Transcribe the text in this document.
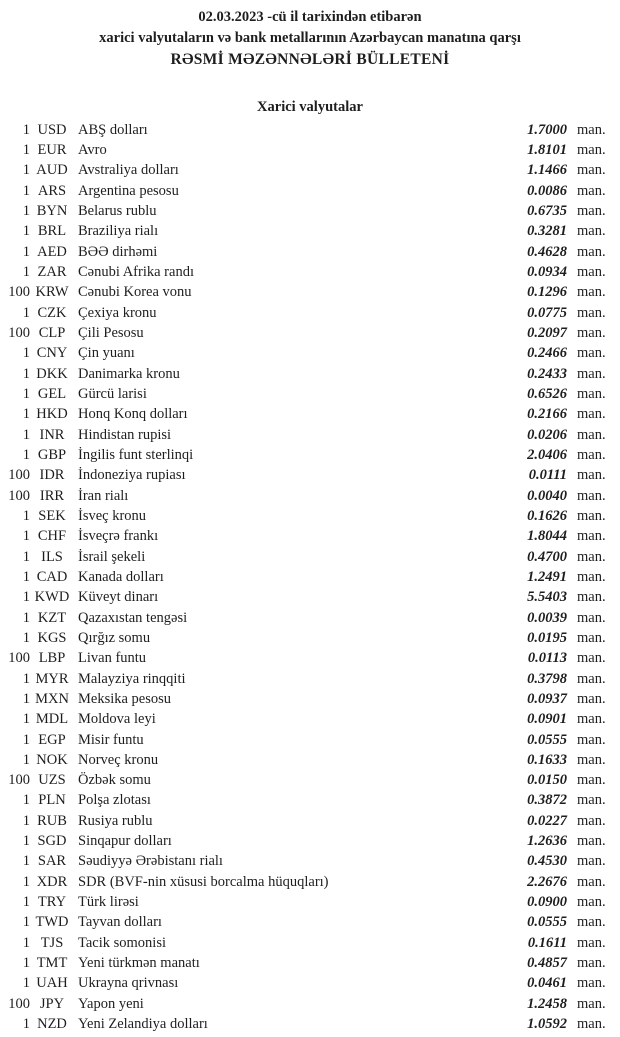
02.03.2023 -cü il tarixindən etibarən
xarici valyutaların və bank metallarının Azərbaycan manatına qarşı
RƏSMİ MƏZƏNNƏLƏRİ BÜLLETENİ
Xarici valyutalar
1 USD ABŞ dolları	1.7000 man.
1 EUR Avro	1.8101 man.
1 AUD Avstraliya dolları	1.1466 man.
1 ARS Argentina pesosu	0.0086 man.
1 BYN Belarus rublu	0.6735 man.
1 BRL Braziliya rialı	0.3281 man.
1 AED BƏƏ dirhəmi	0.4628 man.
1 ZAR Cənubi Afrika randı	0.0934 man.
100 KRW Cənubi Korea vonu	0.1296 man.
1 CZK Çexiya kronu	0.0775 man.
100 CLP Çili Pesosu	0.2097 man.
1 CNY Çin yuanı	0.2466 man.
1 DKK Danimarka kronu	0.2433 man.
1 GEL Gürcü larisi	0.6526 man.
1 HKD Honq Konq dolları	0.2166 man.
1 INR Hindistan rupisi	0.0206 man.
1 GBP İngilis funt sterlinqi	2.0406 man.
100 IDR İndoneziya rupiası	0.0111 man.
100 IRR İran rialı	0.0040 man.
1 SEK İsveç kronu	0.1626 man.
1 CHF İsveçrə frankı	1.8044 man.
1 ILS	İsrail şekeli	0.4700 man.
1 CAD Kanada dolları	1.2491 man.
1 KWD Küveyt dinarı	5.5403 man.
1 KZT Qazaxıstan tengəsi	0.0039 man.
1 KGS Qırğız somu	0.0195 man.
100 LBP Livan funtu	0.0113 man.
1 MYR Malayziya rinqqiti	0.3798 man.
1 MXN Meksika pesosu	0.0937 man.
1 MDL Moldova leyi	0.0901 man.
1 EGP Misir funtu	0.0555 man.
1 NOK Norveç kronu	0.1633 man.
100 UZS Özbək somu	0.0150 man.
1 PLN Polşa zlotası	0.3872 man.
1 RUB Rusiya rublu	0.0227 man.
1 SGD Sinqapur dolları	1.2636 man.
1 SAR Səudiyyə Ərəbistanı rialı	0.4530 man.
1 XDR SDR (BVF-nin xüsusi borcalma hüquqları)	2.2676 man.
1 TRY Türk lirəsi	0.0900 man.
1 TWD Tayvan dolları	0.0555 man.
1 TJS	Tacik somonisi	0.1611 man.
1 TMT Yeni türkmən manatı	0.4857 man.
1 UAH Ukrayna qrivnası	0.0461 man.
100 JPY Yapon yeni	1.2458 man.
1 NZD Yeni Zelandiya dolları	1.0592 man.
